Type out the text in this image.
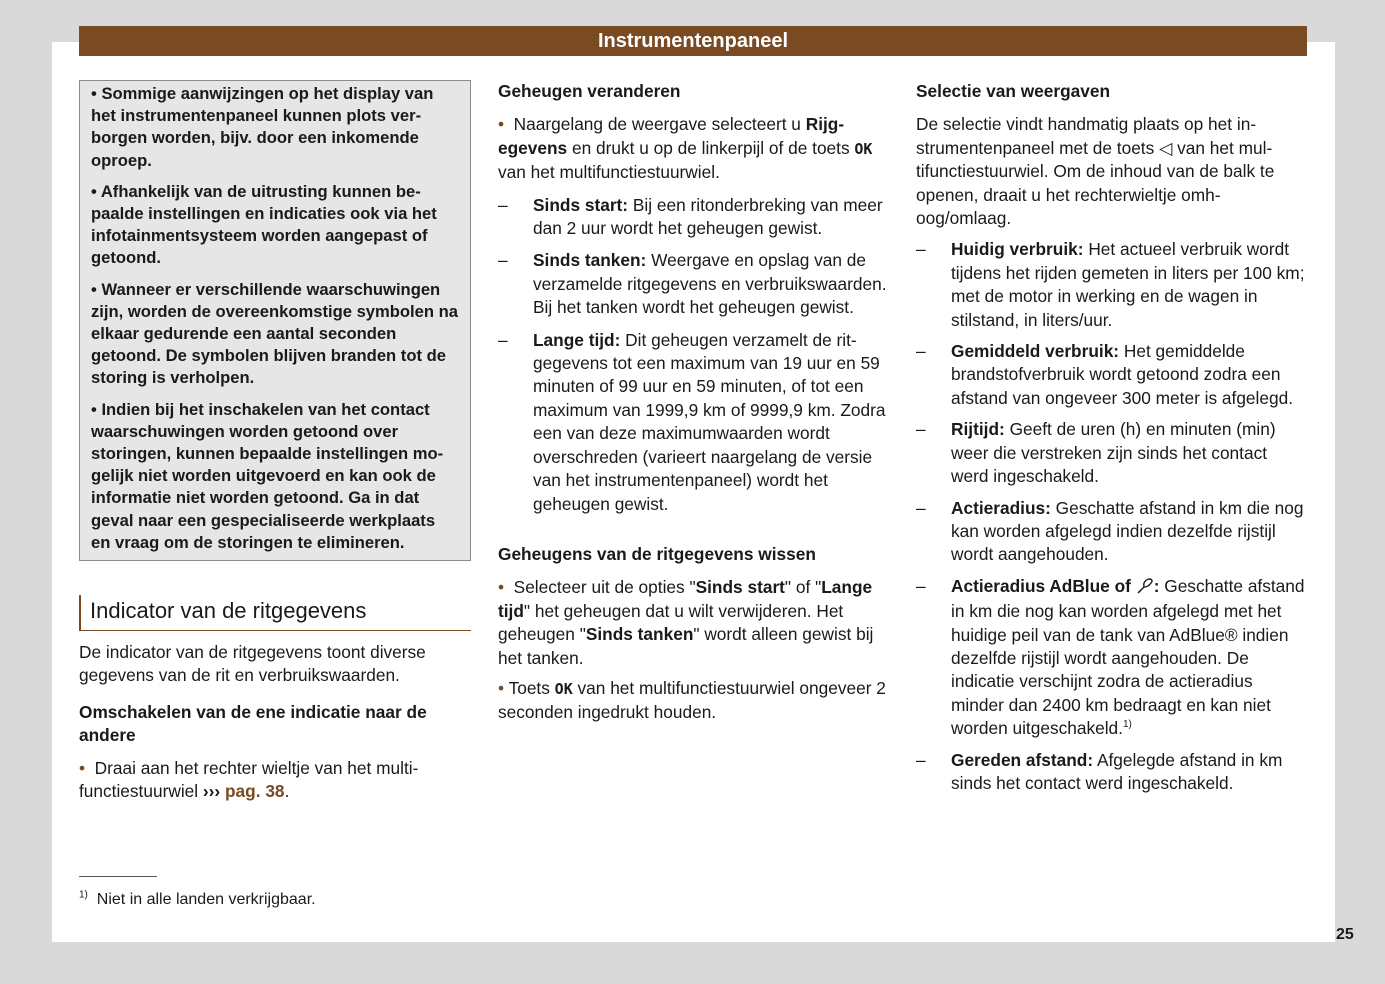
Instrumentenpaneel

• Sommige aanwijzingen op het display van het instrumentenpaneel kunnen plots verborgen worden, bijv. door een inkomende oproep.

• Afhankelijk van de uitrusting kunnen bepaalde instellingen en indicaties ook via het infotainmentsysteem worden aangepast of getoond.

• Wanneer er verschillende waarschuwingen zijn, worden de overeenkomstige symbolen na elkaar gedurende een aantal seconden getoond. De symbolen blijven branden tot de storing is verholpen.

• Indien bij het inschakelen van het contact waarschuwingen worden getoond over storingen, kunnen bepaalde instellingen mogelijk niet worden uitgevoerd en kan ook de informatie niet worden getoond. Ga in dat geval naar een gespecialiseerde werkplaats en vraag om de storingen te elimineren.

Indicator van de ritgegevens

De indicator van de ritgegevens toont diverse gegevens van de rit en verbruikswaarden.

Omschakelen van de ene indicatie naar de andere

• Draai aan het rechter wieltje van het multifunctiestuurwiel ››› pag. 38.

Geheugen veranderen

• Naargelang de weergave selecteert u Rijgegevens en drukt u op de linkerpijl of de toets OK van het multifunctiestuurwiel.

–	Sinds start: Bij een ritonderbreking van meer dan 2 uur wordt het geheugen gewist.
–	Sinds tanken: Weergave en opslag van de verzamelde ritgegevens en verbruikswaarden. Bij het tanken wordt het geheugen gewist.
–	Lange tijd: Dit geheugen verzamelt de ritgegevens tot een maximum van 19 uur en 59 minuten of 99 uur en 59 minuten, of tot een maximum van 1999,9 km of 9999,9 km. Zodra een van deze maximumwaarden wordt overschreden (varieert naargelang de versie van het instrumentenpaneel) wordt het geheugen gewist.

Geheugens van de ritgegevens wissen

• Selecteer uit de opties "Sinds start" of "Lange tijd" het geheugen dat u wilt verwijderen. Het geheugen "Sinds tanken" wordt alleen gewist bij het tanken.

• Toets OK van het multifunctiestuurwiel ongeveer 2 seconden ingedrukt houden.

Selectie van weergaven

De selectie vindt handmatig plaats op het instrumentenpaneel met de toets ◁ van het multifunctiestuurwiel. Om de inhoud van de balk te openen, draait u het rechterwieltje omhoog/omlaag.

–	Huidig verbruik: Het actueel verbruik wordt tijdens het rijden gemeten in liters per 100 km; met de motor in werking en de wagen in stilstand, in liters/uur.
–	Gemiddeld verbruik: Het gemiddelde brandstofverbruik wordt getoond zodra een afstand van ongeveer 300 meter is afgelegd.
–	Rijtijd: Geeft de uren (h) en minuten (min) weer die verstreken zijn sinds het contact werd ingeschakeld.
–	Actieradius: Geschatte afstand in km die nog kan worden afgelegd indien dezelfde rijstijl wordt aangehouden.
–	Actieradius AdBlue of : Geschatte afstand in km die nog kan worden afgelegd met het huidige peil van de tank van AdBlue® indien dezelfde rijstijl wordt aangehouden. De indicatie verschijnt zodra de actieradius minder dan 2400 km bedraagt en kan niet worden uitgeschakeld.$^{1)}$
–	Gereden afstand: Afgelegde afstand in km sinds het contact werd ingeschakeld.
$^{1)}$ Niet in alle landen verkrijgbaar.
25
